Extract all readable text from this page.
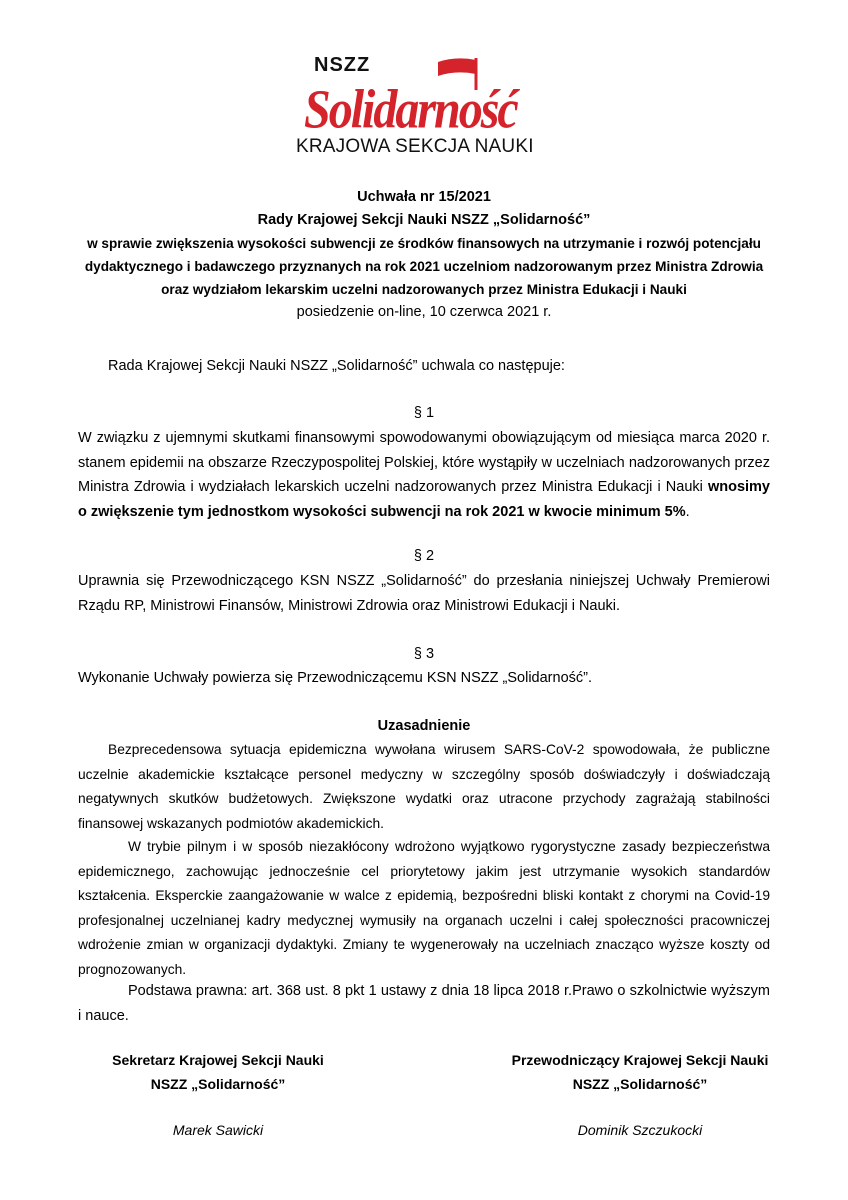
NSZZ
Solidarność
KRAJOWA SEKCJA NAUKI
Uchwała nr 15/2021
Rady Krajowej Sekcji Nauki NSZZ „Solidarność”
w sprawie zwiększenia wysokości subwencji ze środków finansowych na utrzymanie i rozwój potencjału
dydaktycznego i badawczego przyznanych na rok 2021 uczelniom nadzorowanym przez Ministra Zdrowia
oraz wydziałom lekarskim uczelni nadzorowanych przez Ministra Edukacji i Nauki
posiedzenie on-line, 10 czerwca 2021 r.
Rada Krajowej Sekcji Nauki NSZZ „Solidarność” uchwala co następuje:
§ 1
W związku z ujemnymi skutkami finansowymi spowodowanymi obowiązującym od miesiąca marca 2020 r. stanem epidemii na obszarze Rzeczypospolitej Polskiej, które wystąpiły w uczelniach nadzorowanych przez Ministra Zdrowia i wydziałach lekarskich uczelni nadzorowanych przez Ministra Edukacji i Nauki wnosimy o zwiększenie tym jednostkom wysokości subwencji na rok 2021 w kwocie minimum 5%.
§ 2
Uprawnia się Przewodniczącego KSN NSZZ „Solidarność” do przesłania niniejszej Uchwały Premierowi Rządu RP, Ministrowi Finansów, Ministrowi Zdrowia oraz Ministrowi Edukacji i Nauki.
§ 3
Wykonanie Uchwały powierza się Przewodniczącemu KSN NSZZ „Solidarność”.
Uzasadnienie
Bezprecedensowa sytuacja epidemiczna wywołana wirusem SARS-CoV-2 spowodowała, że publiczne uczelnie akademickie kształcące personel medyczny w szczególny sposób doświadczyły i doświadczają negatywnych skutków budżetowych. Zwiększone wydatki oraz utracone przychody zagrażają stabilności finansowej wskazanych podmiotów akademickich.
W trybie pilnym i w sposób niezakłócony wdrożono wyjątkowo rygorystyczne zasady bezpieczeństwa epidemicznego, zachowując jednocześnie cel priorytetowy jakim jest utrzymanie wysokich standardów kształcenia. Eksperckie zaangażowanie w walce z epidemią, bezpośredni bliski kontakt z chorymi na Covid-19 profesjonalnej uczelnianej kadry medycznej wymusiły na organach uczelni i całej społeczności pracowniczej wdrożenie zmian w organizacji dydaktyki. Zmiany te wygenerowały na uczelniach znacząco wyższe koszty od prognozowanych.
Podstawa prawna: art. 368 ust. 8 pkt 1 ustawy z dnia 18 lipca 2018 r.Prawo o szkolnictwie wyższym i nauce.
Sekretarz Krajowej Sekcji Nauki
NSZZ „Solidarność”
Marek Sawicki
Przewodniczący Krajowej Sekcji Nauki
NSZZ „Solidarność”
Dominik Szczukocki
